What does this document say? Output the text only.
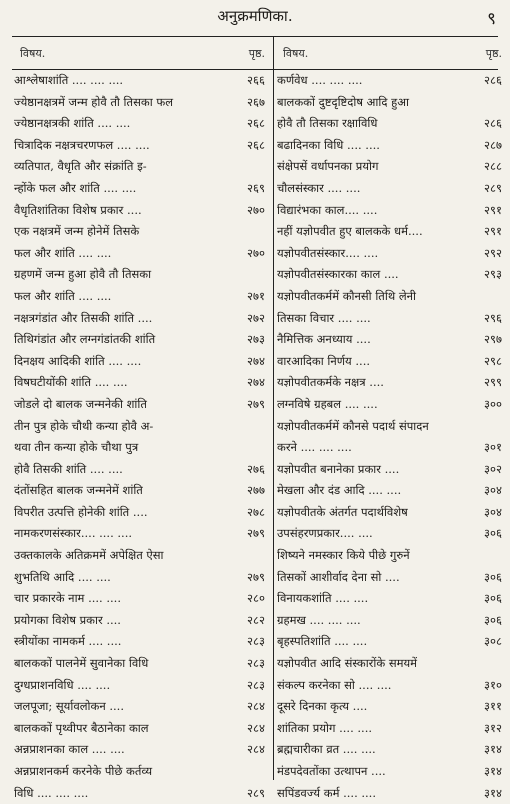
अनुक्रमणिका.	९
विषय.	पृष्ठ.
आश्लेषाशांति .... .... ....	२६६
ज्येष्ठानक्षत्रमें जन्म होवै तौ तिसका फल	२६७
ज्येष्ठानक्षत्रकी शांति .... ....	२६८
चित्रादिक नक्षत्रचरणफल .... ....	२६८
व्यतिपात, वैधृति और संक्रांति इ-
न्होंके फल और शांति .... ....	२६९
वैधृतिशांतिका विशेष प्रकार ....	२७०
एक नक्षत्रमें जन्म होनेमें तिसके
फल और शांति .... ....	२७०
ग्रहणमें जन्म हुआ होवै तौ तिसका
फल और शांति .... ....	२७१
नक्षत्रगंडांत और तिसकी शांति ....	२७२
तिथिगंडांत और लग्नगंडांतकी शांति	२७३
दिनक्षय आदिकी शांति .... ....	२७४
विषघटीयोंकी शांति .... ....	२७४
जोडले दो बालक जन्मनेकी शांति	२७९
तीन पुत्र होके चौथी कन्या होवै अ-
थवा तीन कन्या होके चौथा पुत्र
होवै तिसकी शांति .... ....	२७६
दंतोंसहित बालक जन्मनेमें शांति	२७७
विपरीत उत्पत्ति होनेकी शांति ....	२७८
नामकरणसंस्कार.... .... ....	२७९
उक्तकालके अतिक्रममें अपेक्षित ऐसा
शुभतिथि आदि .... ....	२७९
चार प्रकारके नाम .... ....	२८०
प्रयोगका विशेष प्रकार ....	२८२
स्त्रीयोंका नामकर्म .... ....	२८३
बालककों पालनेमें सुवानेका विधि	२८३
दुग्धप्राशनविधि .... ....	२८३
जलपूजा; सूर्यावलोकन ....	२८४
बालककों पृथ्वीपर बैठानेका काल	२८४
अन्नप्राशनका काल .... ....	२८४
अन्नप्राशनकर्म करनेके पीछे कर्तव्य
विधि .... .... ....	२८९
विषय.	पृष्ठ.
कर्णवेध .... .... ....	२८६
बालककों दुष्टदृष्टिदोष आदि हुआ
होवै तौ तिसका रक्षाविधि	२८६
बढादिनका विधि .... ....	२८७
संक्षेपसें वर्धापनका प्रयोग	२८८
चौलसंस्कार .... ....	२८९
विद्यारंभका काल.... ....	२९१
नहीं यज्ञोपवीत हुए बालकके धर्म....	२९१
यज्ञोपवीतसंस्कार.... ....	२९२
यज्ञोपवीतसंस्कारका काल ....	२९३
यज्ञोपवीतकर्ममें कौनसी तिथि लेनी
तिसका विचार .... ....	२९६
नैमित्तिक अनध्याय ....	२९७
वारआदिका निर्णय ....	२९८
यज्ञोपवीतकर्मके नक्षत्र ....	२९९
लग्नविषे ग्रहबल .... ....	३००
यज्ञोपवीतकर्ममें कौनसे पदार्थ संपादन
करने .... .... ....	३०१
यज्ञोपवीत बनानेका प्रकार ....	३०२
मेखला और दंड आदि .... ....	३०४
यज्ञोपवीतके अंतर्गत पदार्थविशेष	३०४
उपसंहरणप्रकार.... ....	३०६
शिष्यने नमस्कार किये पीछे गुरुनें
तिसकों आशीर्वाद देना सो ....	३०६
विनायकशांति .... ....	३०६
ग्रहमख .... .... ....	३०६
बृहस्पतिशांति .... ....	३०८
यज्ञोपवीत आदि संस्कारोंके समयमें
संकल्प करनेका सो .... ....	३१०
दूसरे दिनका कृत्य ....	३११
शांतिका प्रयोग .... ....	३१२
ब्रह्मचारीका व्रत .... ....	३१४
मंडपदेवतोंका उत्थापन ....	३१४
सपिंडवर्ज्य कर्म .... ....	३१४
